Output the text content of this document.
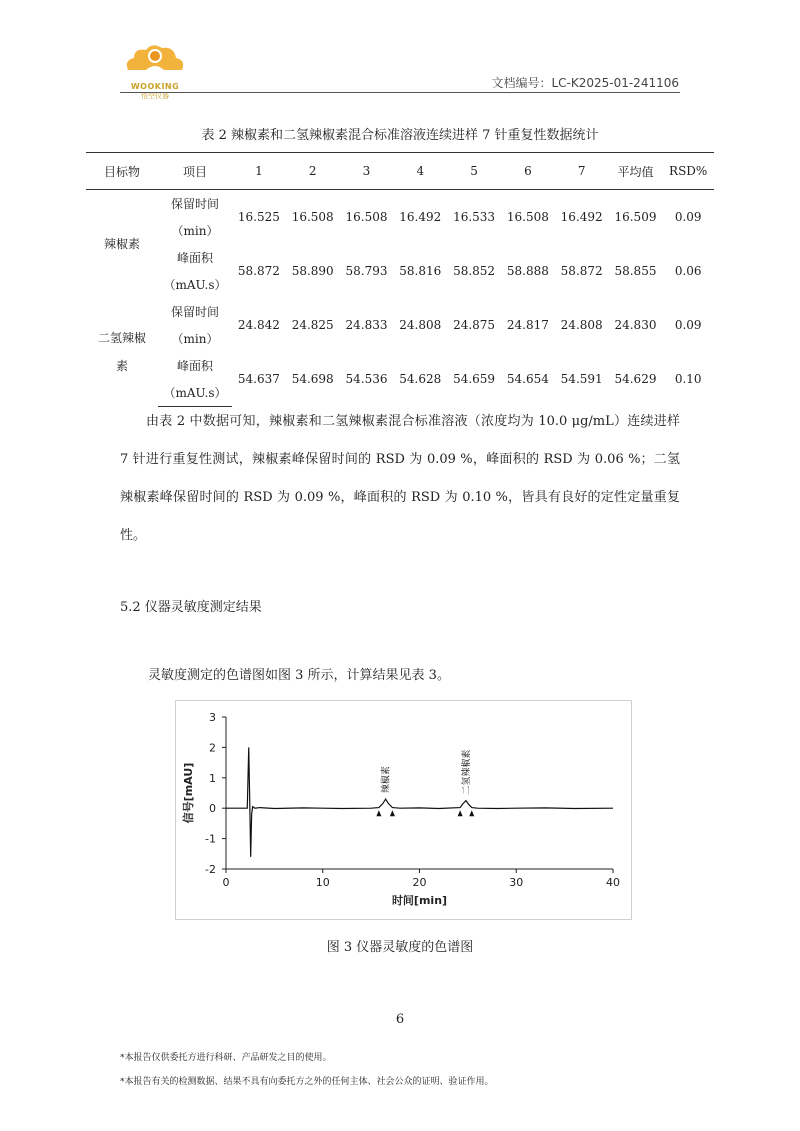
WOOKING
悟空仪器
文档编号：LC-K2025-01-241106
表 2 辣椒素和二氢辣椒素混合标准溶液连续进样 7 针重复性数据统计
目标物	项目	1	2	3	4	5	6	7	平均值	RSD%

辣椒素	保留时间	16.525	16.508	16.508	16.492	16.533	16.508	16.492	16.509	0.09
	（min）									
	峰面积	58.872	58.890	58.793	58.816	58.852	58.888	58.872	58.855	0.06
	（mAU.s）									

二氢辣椒
素	保留时间	24.842	24.825	24.833	24.808	24.875	24.817	24.808	24.830	0.09
	（min）									
	峰面积	54.637	54.698	54.536	54.628	54.659	54.654	54.591	54.629	0.10
	（mAU.s）									

由表 2 中数据可知，辣椒素和二氢辣椒素混合标准溶液（浓度均为 10.0 μg/mL）连续进样 7 针进行重复性测试，辣椒素峰保留时间的 RSD 为 0.09 %，峰面积的 RSD 为 0.06 %；二氢辣椒素峰保留时间的 RSD 为 0.09 %，峰面积的 RSD 为 0.10 %，皆具有良好的定性定量重复性。

5.2 仪器灵敏度测定结果
灵敏度测定的色谱图如图 3 所示，计算结果见表 3。
-2
-1
0
1
2
3
0	10	20	30	40
时间[min]
信号[mAU]	辣椒素	二氢辣椒素
图 3 仪器灵敏度的色谱图
6
*本报告仅供委托方进行科研、产品研发之目的使用。
*本报告有关的检测数据、结果不具有向委托方之外的任何主体、社会公众的证明、验证作用。
